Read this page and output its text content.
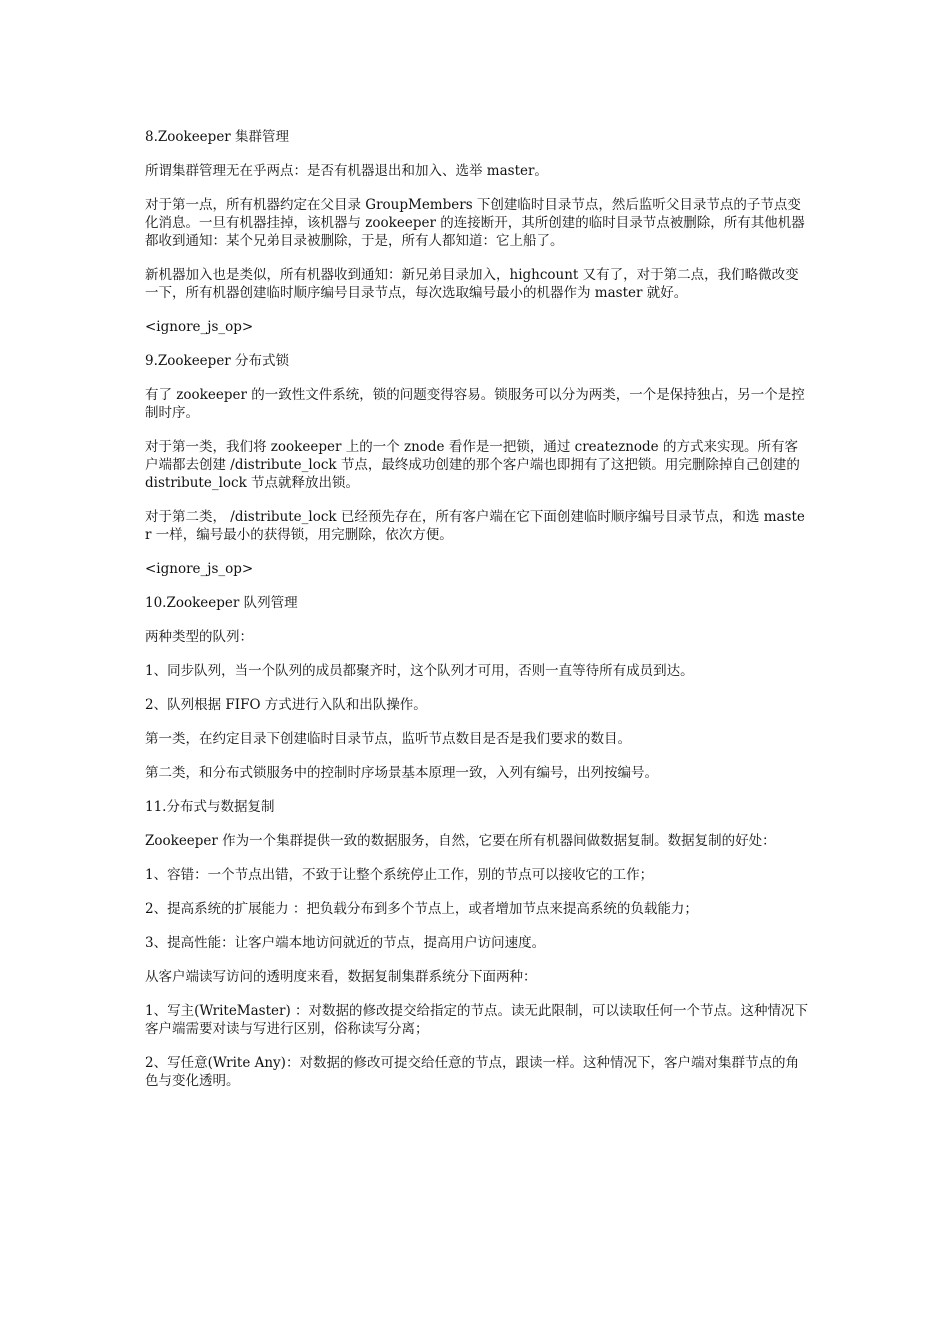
8.Zookeeper 集群管理

所谓集群管理无在乎两点：是否有机器退出和加入、选举 master。

对于第一点，所有机器约定在父目录 GroupMembers 下创建临时目录节点，然后监听父目录节点的子节点变化消息。一旦有机器挂掉，该机器与 zookeeper 的连接断开，其所创建的临时目录节点被删除，所有其他机器都收到通知：某个兄弟目录被删除，于是，所有人都知道：它上船了。

新机器加入也是类似，所有机器收到通知：新兄弟目录加入，highcount 又有了，对于第二点，我们略微改变一下，所有机器创建临时顺序编号目录节点，每次选取编号最小的机器作为 master 就好。

<ignore_js_op>

9.Zookeeper 分布式锁

有了 zookeeper 的一致性文件系统，锁的问题变得容易。锁服务可以分为两类，一个是保持独占，另一个是控制时序。

对于第一类，我们将 zookeeper 上的一个 znode 看作是一把锁，通过 createznode 的方式来实现。所有客户端都去创建 /distribute_lock 节点，最终成功创建的那个客户端也即拥有了这把锁。用完删除掉自己创建的 distribute_lock 节点就释放出锁。

对于第二类， /distribute_lock 已经预先存在，所有客户端在它下面创建临时顺序编号目录节点，和选 master 一样，编号最小的获得锁，用完删除，依次方便。

<ignore_js_op>

10.Zookeeper 队列管理

两种类型的队列：

1、同步队列，当一个队列的成员都聚齐时，这个队列才可用，否则一直等待所有成员到达。

2、队列根据 FIFO 方式进行入队和出队操作。

第一类，在约定目录下创建临时目录节点，监听节点数目是否是我们要求的数目。

第二类，和分布式锁服务中的控制时序场景基本原理一致，入列有编号，出列按编号。

11.分布式与数据复制

Zookeeper 作为一个集群提供一致的数据服务，自然，它要在所有机器间做数据复制。数据复制的好处：

1、容错：一个节点出错，不致于让整个系统停止工作，别的节点可以接收它的工作；

2、提高系统的扩展能力 ：把负载分布到多个节点上，或者增加节点来提高系统的负载能力；

3、提高性能：让客户端本地访问就近的节点，提高用户访问速度。

从客户端读写访问的透明度来看，数据复制集群系统分下面两种：

1、写主(WriteMaster) ：对数据的修改提交给指定的节点。读无此限制，可以读取任何一个节点。这种情况下客户端需要对读与写进行区别，俗称读写分离；

2、写任意(Write Any)：对数据的修改可提交给任意的节点，跟读一样。这种情况下，客户端对集群节点的角色与变化透明。
